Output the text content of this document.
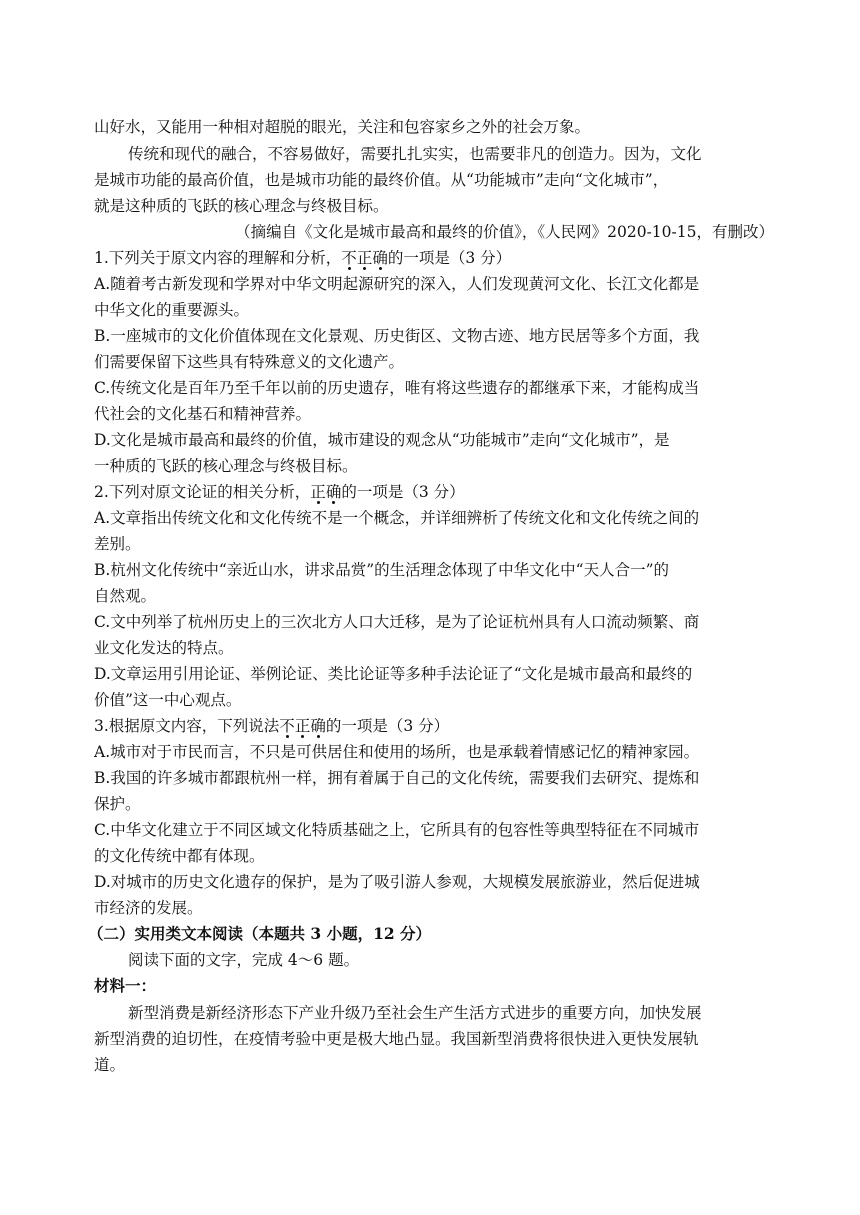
山好水，又能用一种相对超脱的眼光，关注和包容家乡之外的社会万象。
传统和现代的融合，不容易做好，需要扎扎实实，也需要非凡的创造力。因为，文化
是城市功能的最高价值，也是城市功能的最终价值。从“功能城市”走向“文化城市”，
就是这种质的飞跃的核心理念与终极目标。
（摘编自《文化是城市最高和最终的价值》，《人民网》2020-10-15，有删改）
1.下列关于原文内容的理解和分析，不正确的一项是（3 分）
A.随着考古新发现和学界对中华文明起源研究的深入，人们发现黄河文化、长江文化都是
中华文化的重要源头。
B.一座城市的文化价值体现在文化景观、历史街区、文物古迹、地方民居等多个方面，我
们需要保留下这些具有特殊意义的文化遗产。
C.传统文化是百年乃至千年以前的历史遗存，唯有将这些遗存的都继承下来，才能构成当
代社会的文化基石和精神营养。
D.文化是城市最高和最终的价值，城市建设的观念从“功能城市”走向“文化城市”，是
一种质的飞跃的核心理念与终极目标。
2.下列对原文论证的相关分析，正确的一项是（3 分）
A.文章指出传统文化和文化传统不是一个概念，并详细辨析了传统文化和文化传统之间的
差别。
B.杭州文化传统中“亲近山水，讲求品赏”的生活理念体现了中华文化中“天人合一”的
自然观。
C.文中列举了杭州历史上的三次北方人口大迁移，是为了论证杭州具有人口流动频繁、商
业文化发达的特点。
D.文章运用引用论证、举例论证、类比论证等多种手法论证了“文化是城市最高和最终的
价值”这一中心观点。
3.根据原文内容，下列说法不正确的一项是（3 分）
A.城市对于市民而言，不只是可供居住和使用的场所，也是承载着情感记忆的精神家园。
B.我国的许多城市都跟杭州一样，拥有着属于自己的文化传统，需要我们去研究、提炼和
保护。
C.中华文化建立于不同区域文化特质基础之上，它所具有的包容性等典型特征在不同城市
的文化传统中都有体现。
D.对城市的历史文化遗存的保护，是为了吸引游人参观，大规模发展旅游业，然后促进城
市经济的发展。
（二）实用类文本阅读（本题共 3 小题，12 分）
阅读下面的文字，完成 4～6 题。
材料一：
新型消费是新经济形态下产业升级乃至社会生产生活方式进步的重要方向，加快发展
新型消费的迫切性，在疫情考验中更是极大地凸显。我国新型消费将很快进入更快发展轨
道。
